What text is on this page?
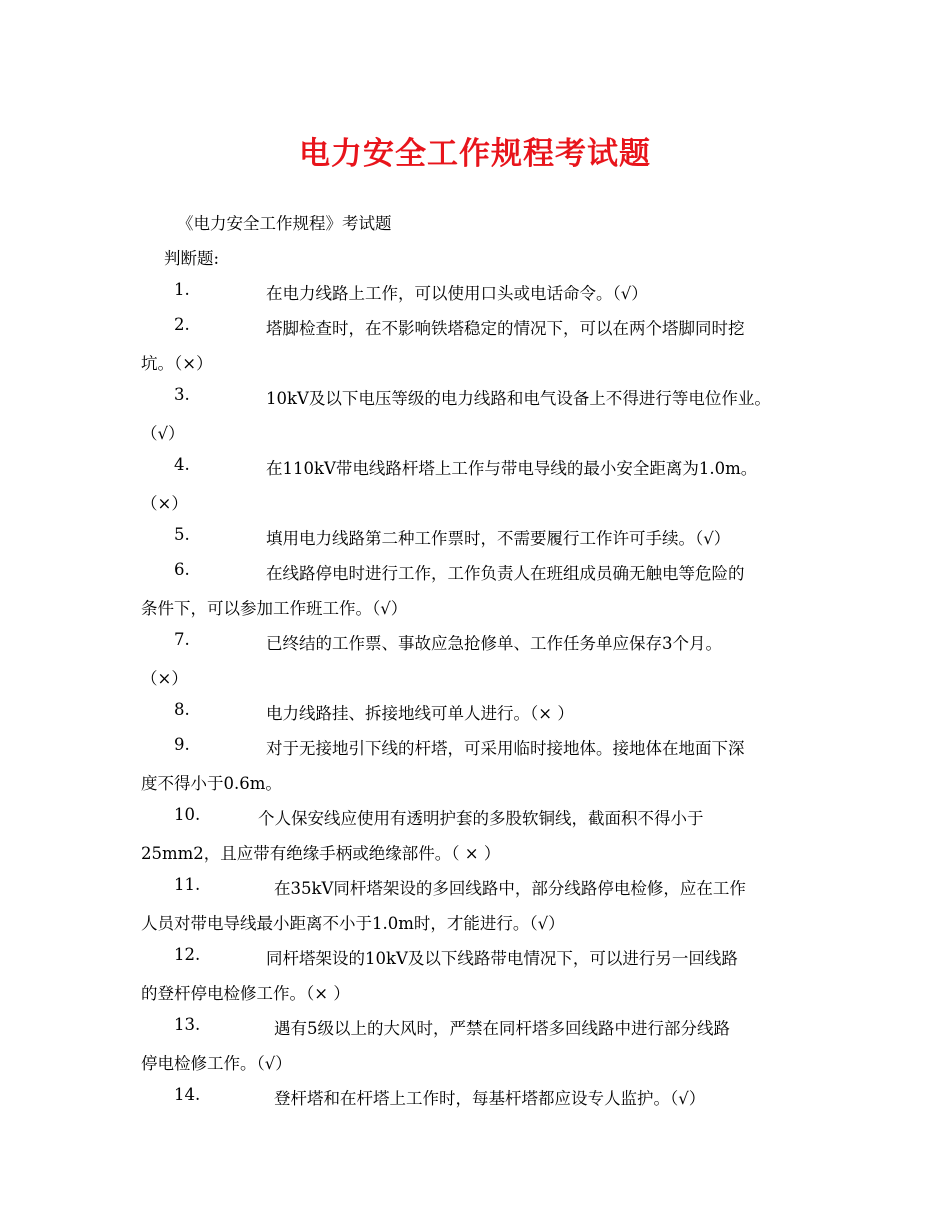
电力安全工作规程考试题
《电力安全工作规程》考试题
判断题:
1.	在电力线路上工作，可以使用口头或电话命令。（√）
2.	塔脚检查时，在不影响铁塔稳定的情况下，可以在两个塔脚同时挖
坑。（×）
3.	10kV及以下电压等级的电力线路和电气设备上不得进行等电位作业。
（√）
4.	在110kV带电线路杆塔上工作与带电导线的最小安全距离为1.0m。
（×）
5.	填用电力线路第二种工作票时，不需要履行工作许可手续。（√）
6.	在线路停电时进行工作，工作负责人在班组成员确无触电等危险的
条件下，可以参加工作班工作。（√）
7.	已终结的工作票、事故应急抢修单、工作任务单应保存3个月。
（×）
8.	电力线路挂、拆接地线可单人进行。（× ）
9.	对于无接地引下线的杆塔，可采用临时接地体。接地体在地面下深
度不得小于0.6m。
10.	个人保安线应使用有透明护套的多股软铜线，截面积不得小于
25mm2，且应带有绝缘手柄或绝缘部件。（ × ）
11.	在35kV同杆塔架设的多回线路中，部分线路停电检修，应在工作
人员对带电导线最小距离不小于1.0m时，才能进行。（√）
12.	同杆塔架设的10kV及以下线路带电情况下，可以进行另一回线路
的登杆停电检修工作。（× ）
13.	遇有5级以上的大风时，严禁在同杆塔多回线路中进行部分线路
停电检修工作。（√）
14.	登杆塔和在杆塔上工作时，每基杆塔都应设专人监护。（√）
